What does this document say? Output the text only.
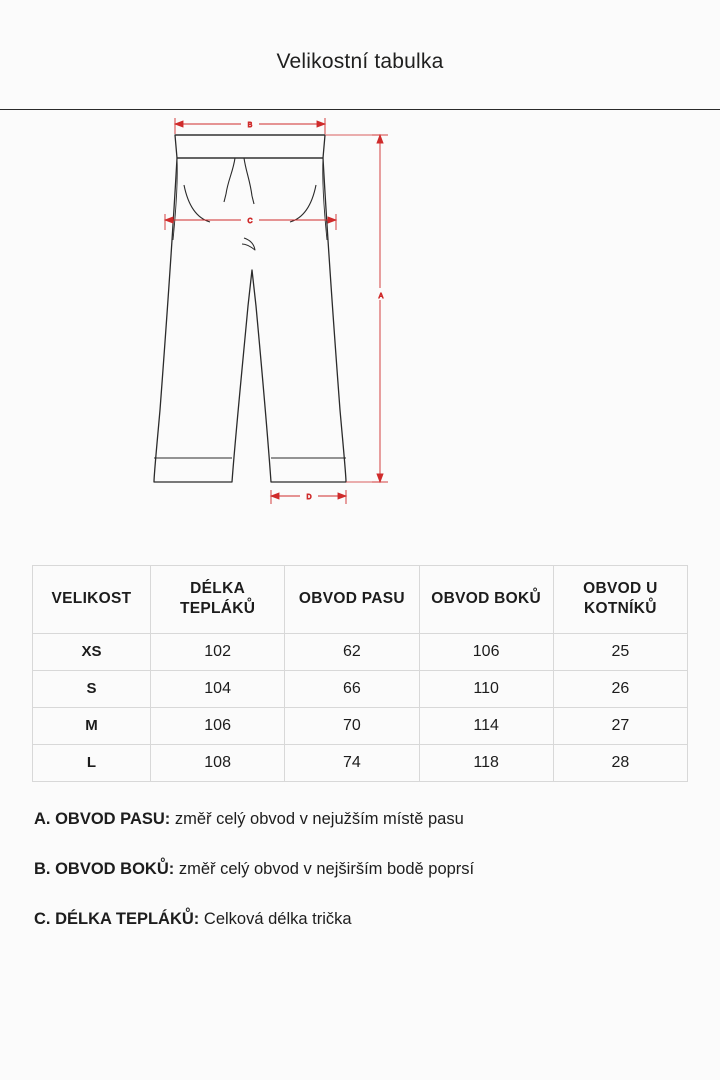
Velikostní tabulka
B
C
A
D
VELIKOST	DÉLKA TEPLÁKŮ	OBVOD PASU	OBVOD BOKŮ	OBVOD U KOTNÍKŮ
XS	102	62	106	25
S	104	66	110	26
M	106	70	114	27
L	108	74	118	28
A. OBVOD PASU: změř celý obvod v nejužším místě pasu
B. OBVOD BOKŮ: změř celý obvod v nejširším bodě poprsí
C. DÉLKA TEPLÁKŮ: Celková délka trička
